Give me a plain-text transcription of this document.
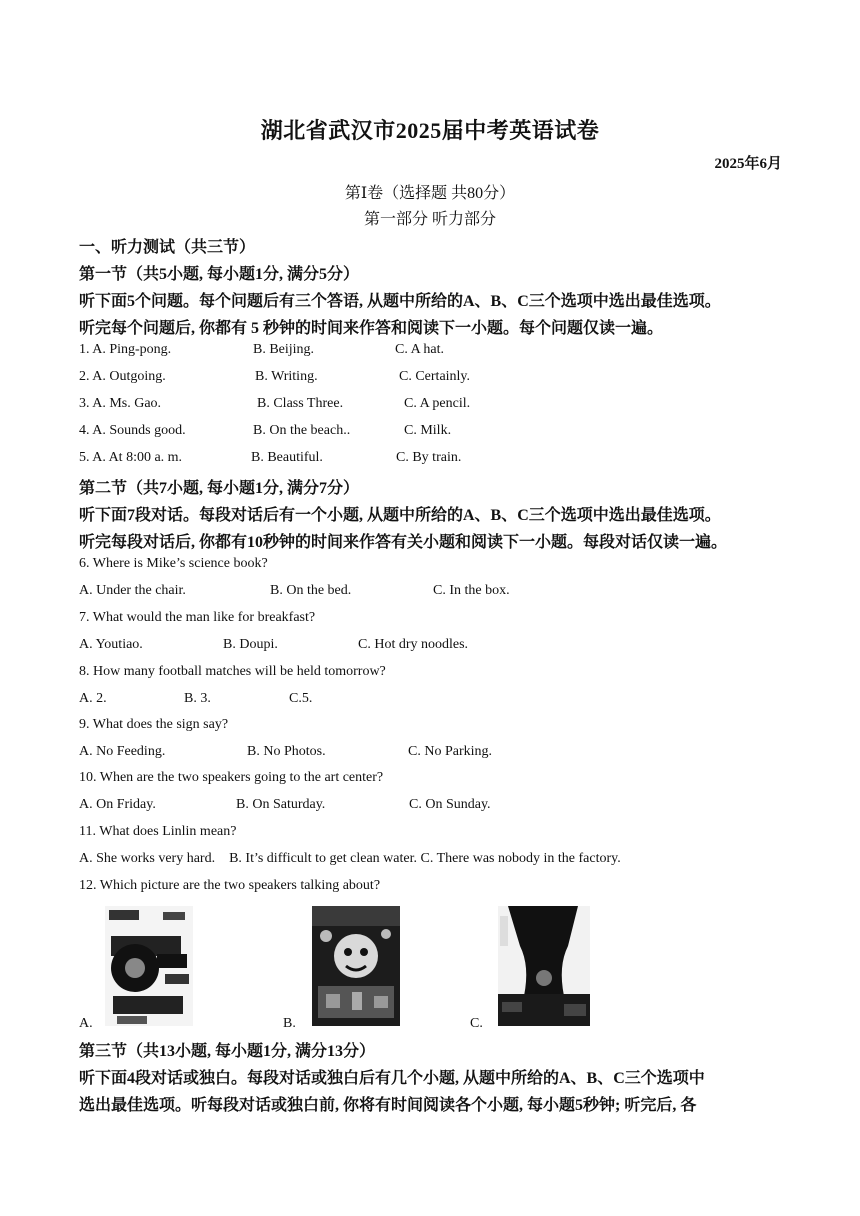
湖北省武汉市2025届中考英语试卷
2025年6月
第Ⅰ卷（选择题 共80分）
第一部分 听力部分
一、听力测试（共三节）
第一节（共5小题, 每小题1分, 满分5分）
听下面5个问题。每个问题后有三个答语, 从题中所给的A、B、C三个选项中选出最佳选项。
听完每个问题后, 你都有 5 秒钟的时间来作答和阅读下一小题。每个问题仅读一遍。
1. A. Ping-pong.	B. Beijing.	C. A hat.
2. A. Outgoing.	B. Writing.	C. Certainly.
3. A. Ms. Gao.	B. Class Three.	C. A pencil.
4. A. Sounds good.	B. On the beach..	C. Milk.
5. A. At 8:00 a. m.	B. Beautiful.	C. By train.
第二节（共7小题, 每小题1分, 满分7分）
听下面7段对话。每段对话后有一个小题, 从题中所给的A、B、C三个选项中选出最佳选项。
听完每段对话后, 你都有10秒钟的时间来作答有关小题和阅读下一小题。每段对话仅读一遍。
6. Where is Mike’s science book?
A. Under the chair.	B. On the bed.	C. In the box.
7. What would the man like for breakfast?
A. Youtiao.	B. Doupi.	C. Hot dry noodles.
8. How many football matches will be held tomorrow?
A. 2.	B. 3.	C.5.
9. What does the sign say?
A. No Feeding.	B. No Photos.	C. No Parking.
10. When are the two speakers going to the art center?
A. On Friday.	B. On Saturday.	C. On Sunday.
11. What does Linlin mean?
A. She works very hard.    B. It’s difficult to get clean water. C. There was nobody in the factory.
12. Which picture are the two speakers talking about?
A.	B.	C.
第三节（共13小题, 每小题1分, 满分13分）
听下面4段对话或独白。每段对话或独白后有几个小题, 从题中所给的A、B、C三个选项中
选出最佳选项。听每段对话或独白前, 你将有时间阅读各个小题, 每小题5秒钟; 听完后, 各
